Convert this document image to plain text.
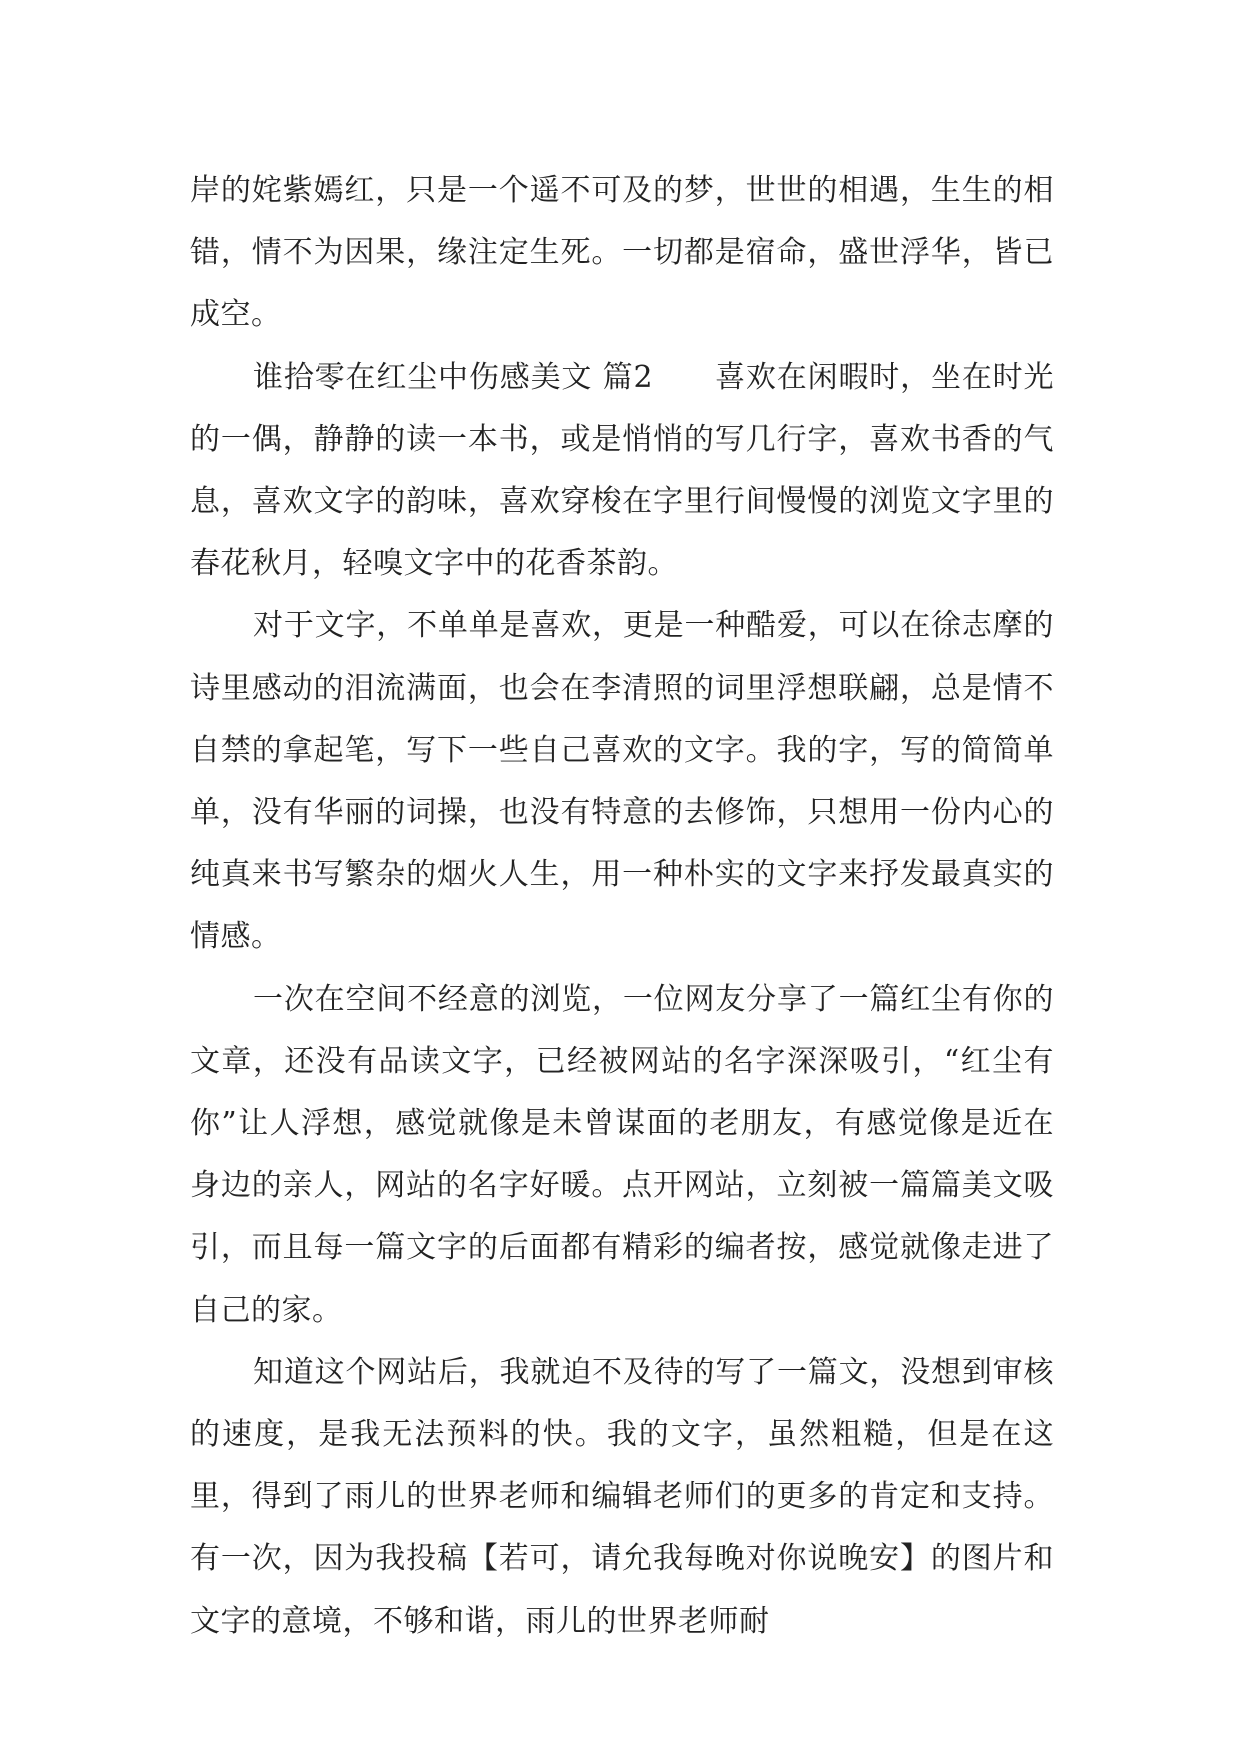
岸的姹紫嫣红，只是一个遥不可及的梦，世世的相遇，生生的相错，情不为因果，缘注定生死。一切都是宿命，盛世浮华，皆已成空。

谁拾零在红尘中伤感美文 篇2　　喜欢在闲暇时，坐在时光的一偶，静静的读一本书，或是悄悄的写几行字，喜欢书香的气息，喜欢文字的韵味，喜欢穿梭在字里行间慢慢的浏览文字里的春花秋月，轻嗅文字中的花香茶韵。

对于文字，不单单是喜欢，更是一种酷爱，可以在徐志摩的诗里感动的泪流满面，也会在李清照的词里浮想联翩，总是情不自禁的拿起笔，写下一些自己喜欢的文字。我的字，写的简简单单，没有华丽的词操，也没有特意的去修饰，只想用一份内心的纯真来书写繁杂的烟火人生，用一种朴实的文字来抒发最真实的情感。

一次在空间不经意的浏览，一位网友分享了一篇红尘有你的文章，还没有品读文字，已经被网站的名字深深吸引，“红尘有你”让人浮想，感觉就像是未曾谋面的老朋友，有感觉像是近在身边的亲人，网站的名字好暖。点开网站，立刻被一篇篇美文吸引，而且每一篇文字的后面都有精彩的编者按，感觉就像走进了自己的家。

知道这个网站后，我就迫不及待的写了一篇文，没想到审核的速度，是我无法预料的快。我的文字，虽然粗糙，但是在这里，得到了雨儿的世界老师和编辑老师们的更多的肯定和支持。有一次，因为我投稿【若可，请允我每晚对你说晚安】的图片和文字的意境，不够和谐，雨儿的世界老师耐
